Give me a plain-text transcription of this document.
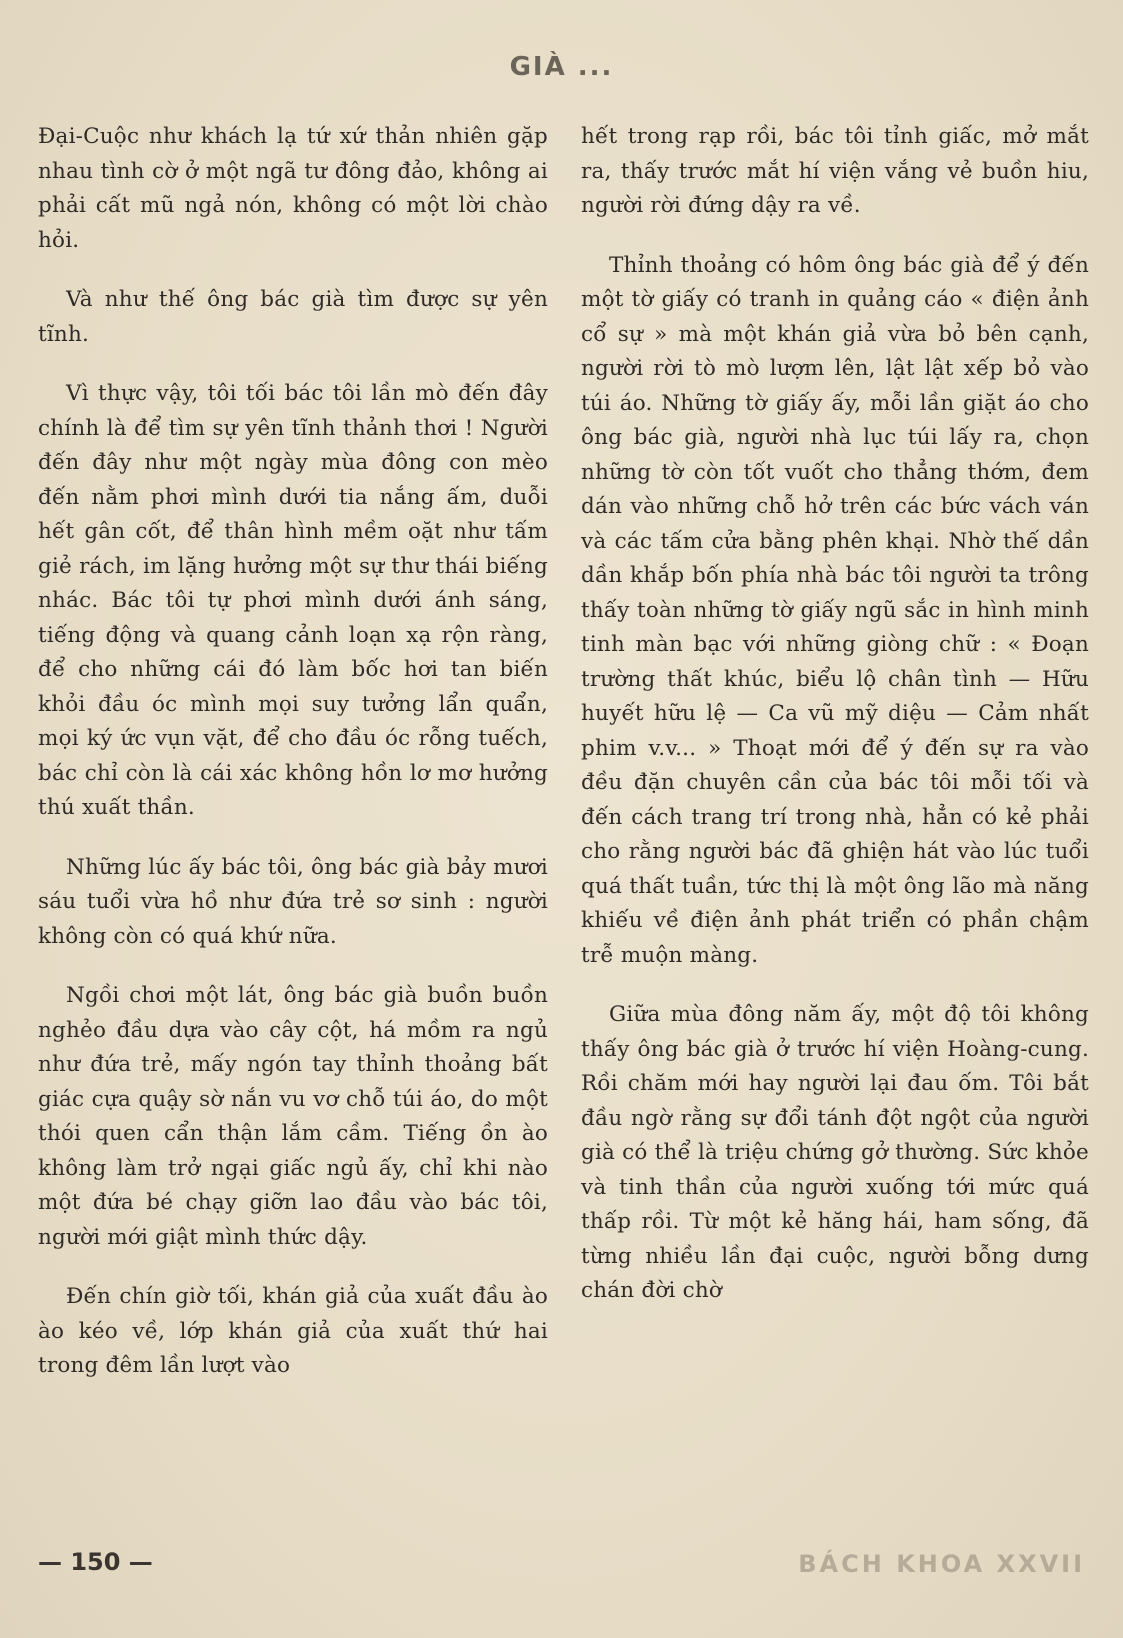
GIÀ ...

Đại-Cuộc như khách lạ tứ xứ thản nhiên gặp nhau tình cờ ở một ngã tư đông đảo, không ai phải cất mũ ngả nón, không có một lời chào hỏi.

Và như thế ông bác già tìm được sự yên tĩnh.

Vì thực vậy, tôi tối bác tôi lần mò đến đây chính là để tìm sự yên tĩnh thảnh thơi ! Người đến đây như một ngày mùa đông con mèo đến nằm phơi mình dưới tia nắng ấm, duỗi hết gân cốt, để thân hình mềm oặt như tấm giẻ rách, im lặng hưởng một sự thư thái biếng nhác. Bác tôi tự phơi mình dưới ánh sáng, tiếng động và quang cảnh loạn xạ rộn ràng, để cho những cái đó làm bốc hơi tan biến khỏi đầu óc mình mọi suy tưởng lẩn quẩn, mọi ký ức vụn vặt, để cho đầu óc rỗng tuếch, bác chỉ còn là cái xác không hồn lơ mơ hưởng thú xuất thần.

Những lúc ấy bác tôi, ông bác già bảy mươi sáu tuổi vừa hồ như đứa trẻ sơ sinh : người không còn có quá khứ nữa.

Ngồi chơi một lát, ông bác già buồn buồn nghẻo đầu dựa vào cây cột, há mồm ra ngủ như đứa trẻ, mấy ngón tay thỉnh thoảng bất giác cựa quậy sờ nắn vu vơ chỗ túi áo, do một thói quen cẩn thận lắm cầm. Tiếng ồn ào không làm trở ngại giấc ngủ ấy, chỉ khi nào một đứa bé chạy giỡn lao đầu vào bác tôi, người mới giật mình thức dậy.

Đến chín giờ tối, khán giả của xuất đầu ào ào kéo về, lớp khán giả của xuất thứ hai trong đêm lần lượt vào

hết trong rạp rồi, bác tôi tỉnh giấc, mở mắt ra, thấy trước mắt hí viện vắng vẻ buồn hiu, người rời đứng dậy ra về.

Thỉnh thoảng có hôm ông bác già để ý đến một tờ giấy có tranh in quảng cáo « điện ảnh cổ sự » mà một khán giả vừa bỏ bên cạnh, người rời tò mò lượm lên, lật lật xếp bỏ vào túi áo. Những tờ giấy ấy, mỗi lần giặt áo cho ông bác già, người nhà lục túi lấy ra, chọn những tờ còn tốt vuốt cho thẳng thớm, đem dán vào những chỗ hở trên các bức vách ván và các tấm cửa bằng phên khại. Nhờ thế dần dần khắp bốn phía nhà bác tôi người ta trông thấy toàn những tờ giấy ngũ sắc in hình minh tinh màn bạc với những giòng chữ : « Đoạn trường thất khúc, biểu lộ chân tình — Hữu huyết hữu lệ — Ca vũ mỹ diệu — Cảm nhất phim v.v... » Thoạt mới để ý đến sự ra vào đều đặn chuyên cần của bác tôi mỗi tối và đến cách trang trí trong nhà, hẳn có kẻ phải cho rằng người bác đã ghiện hát vào lúc tuổi quá thất tuần, tức thị là một ông lão mà năng khiếu về điện ảnh phát triển có phần chậm trễ muộn màng.

Giữa mùa đông năm ấy, một độ tôi không thấy ông bác già ở trước hí viện Hoàng-cung. Rồi chăm mới hay người lại đau ốm. Tôi bắt đầu ngờ rằng sự đổi tánh đột ngột của người già có thể là triệu chứng gở thường. Sức khỏe và tinh thần của người xuống tới mức quá thấp rồi. Từ một kẻ hăng hái, ham sống, đã từng nhiều lần đại cuộc, người bỗng dưng chán đời chờ

— 150 —	BÁCH KHOA XXVII
